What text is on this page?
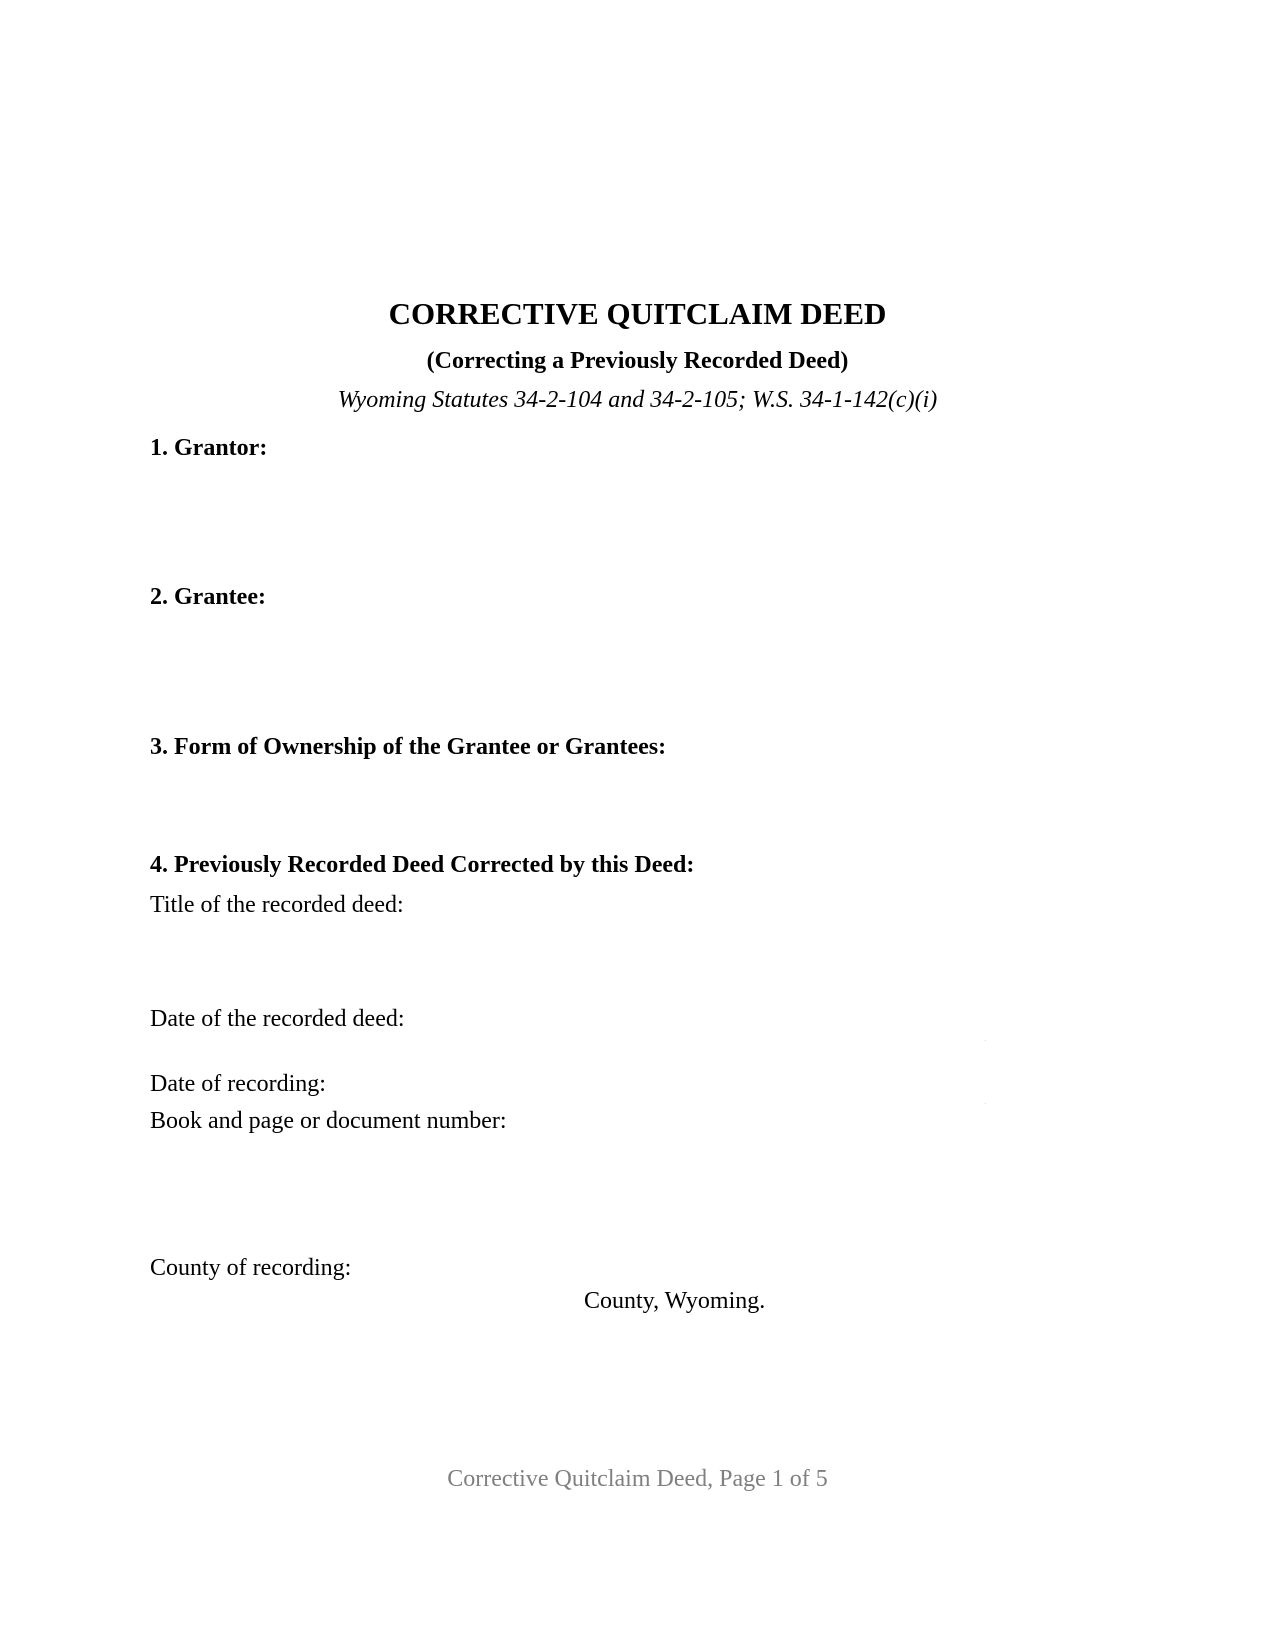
CORRECTIVE QUITCLAIM DEED
(Correcting a Previously Recorded Deed)
Wyoming Statutes 34-2-104 and 34-2-105; W.S. 34-1-142(c)(i)
1. Grantor:
2. Grantee:
3. Form of Ownership of the Grantee or Grantees:
4. Previously Recorded Deed Corrected by this Deed:
Title of the recorded deed:
Date of the recorded deed:
Date of recording:
Book and page or document number:
County of recording:
County, Wyoming.
Corrective Quitclaim Deed, Page 1 of 5
